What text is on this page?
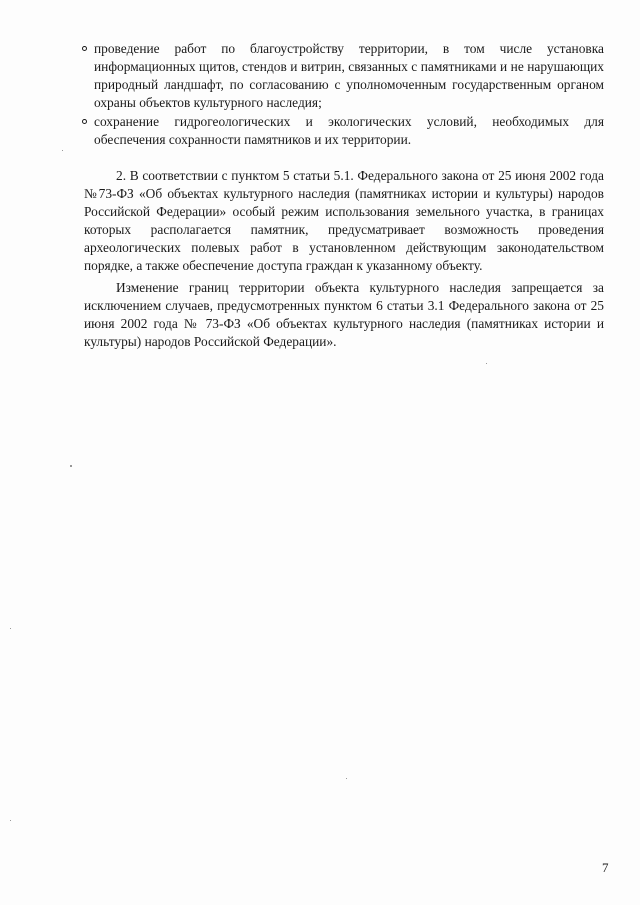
проведение работ по благоустройству территории, в том числе установка информационных щитов, стендов и витрин, связанных с памятниками и не нарушающих природный ландшафт, по согласованию с уполномоченным государственным органом охраны объектов культурного наследия;
сохранение гидрогеологических и экологических условий, необходимых для обеспечения сохранности памятников и их территории.

2. В соответствии с пунктом 5 статьи 5.1. Федерального закона от 25 июня 2002 года №73-ФЗ «Об объектах культурного наследия (памятниках истории и культуры) народов Российской Федерации» особый режим использования земельного участка, в границах которых располагается памятник, предусматривает возможность проведения археологических полевых работ в установленном действующим законодательством порядке, а также обеспечение доступа граждан к указанному объекту.

Изменение границ территории объекта культурного наследия запрещается за исключением случаев, предусмотренных пунктом 6 статьи 3.1 Федерального закона от 25 июня 2002 года № 73-ФЗ «Об объектах культурного наследия (памятниках истории и культуры) народов Российской Федерации».

7
